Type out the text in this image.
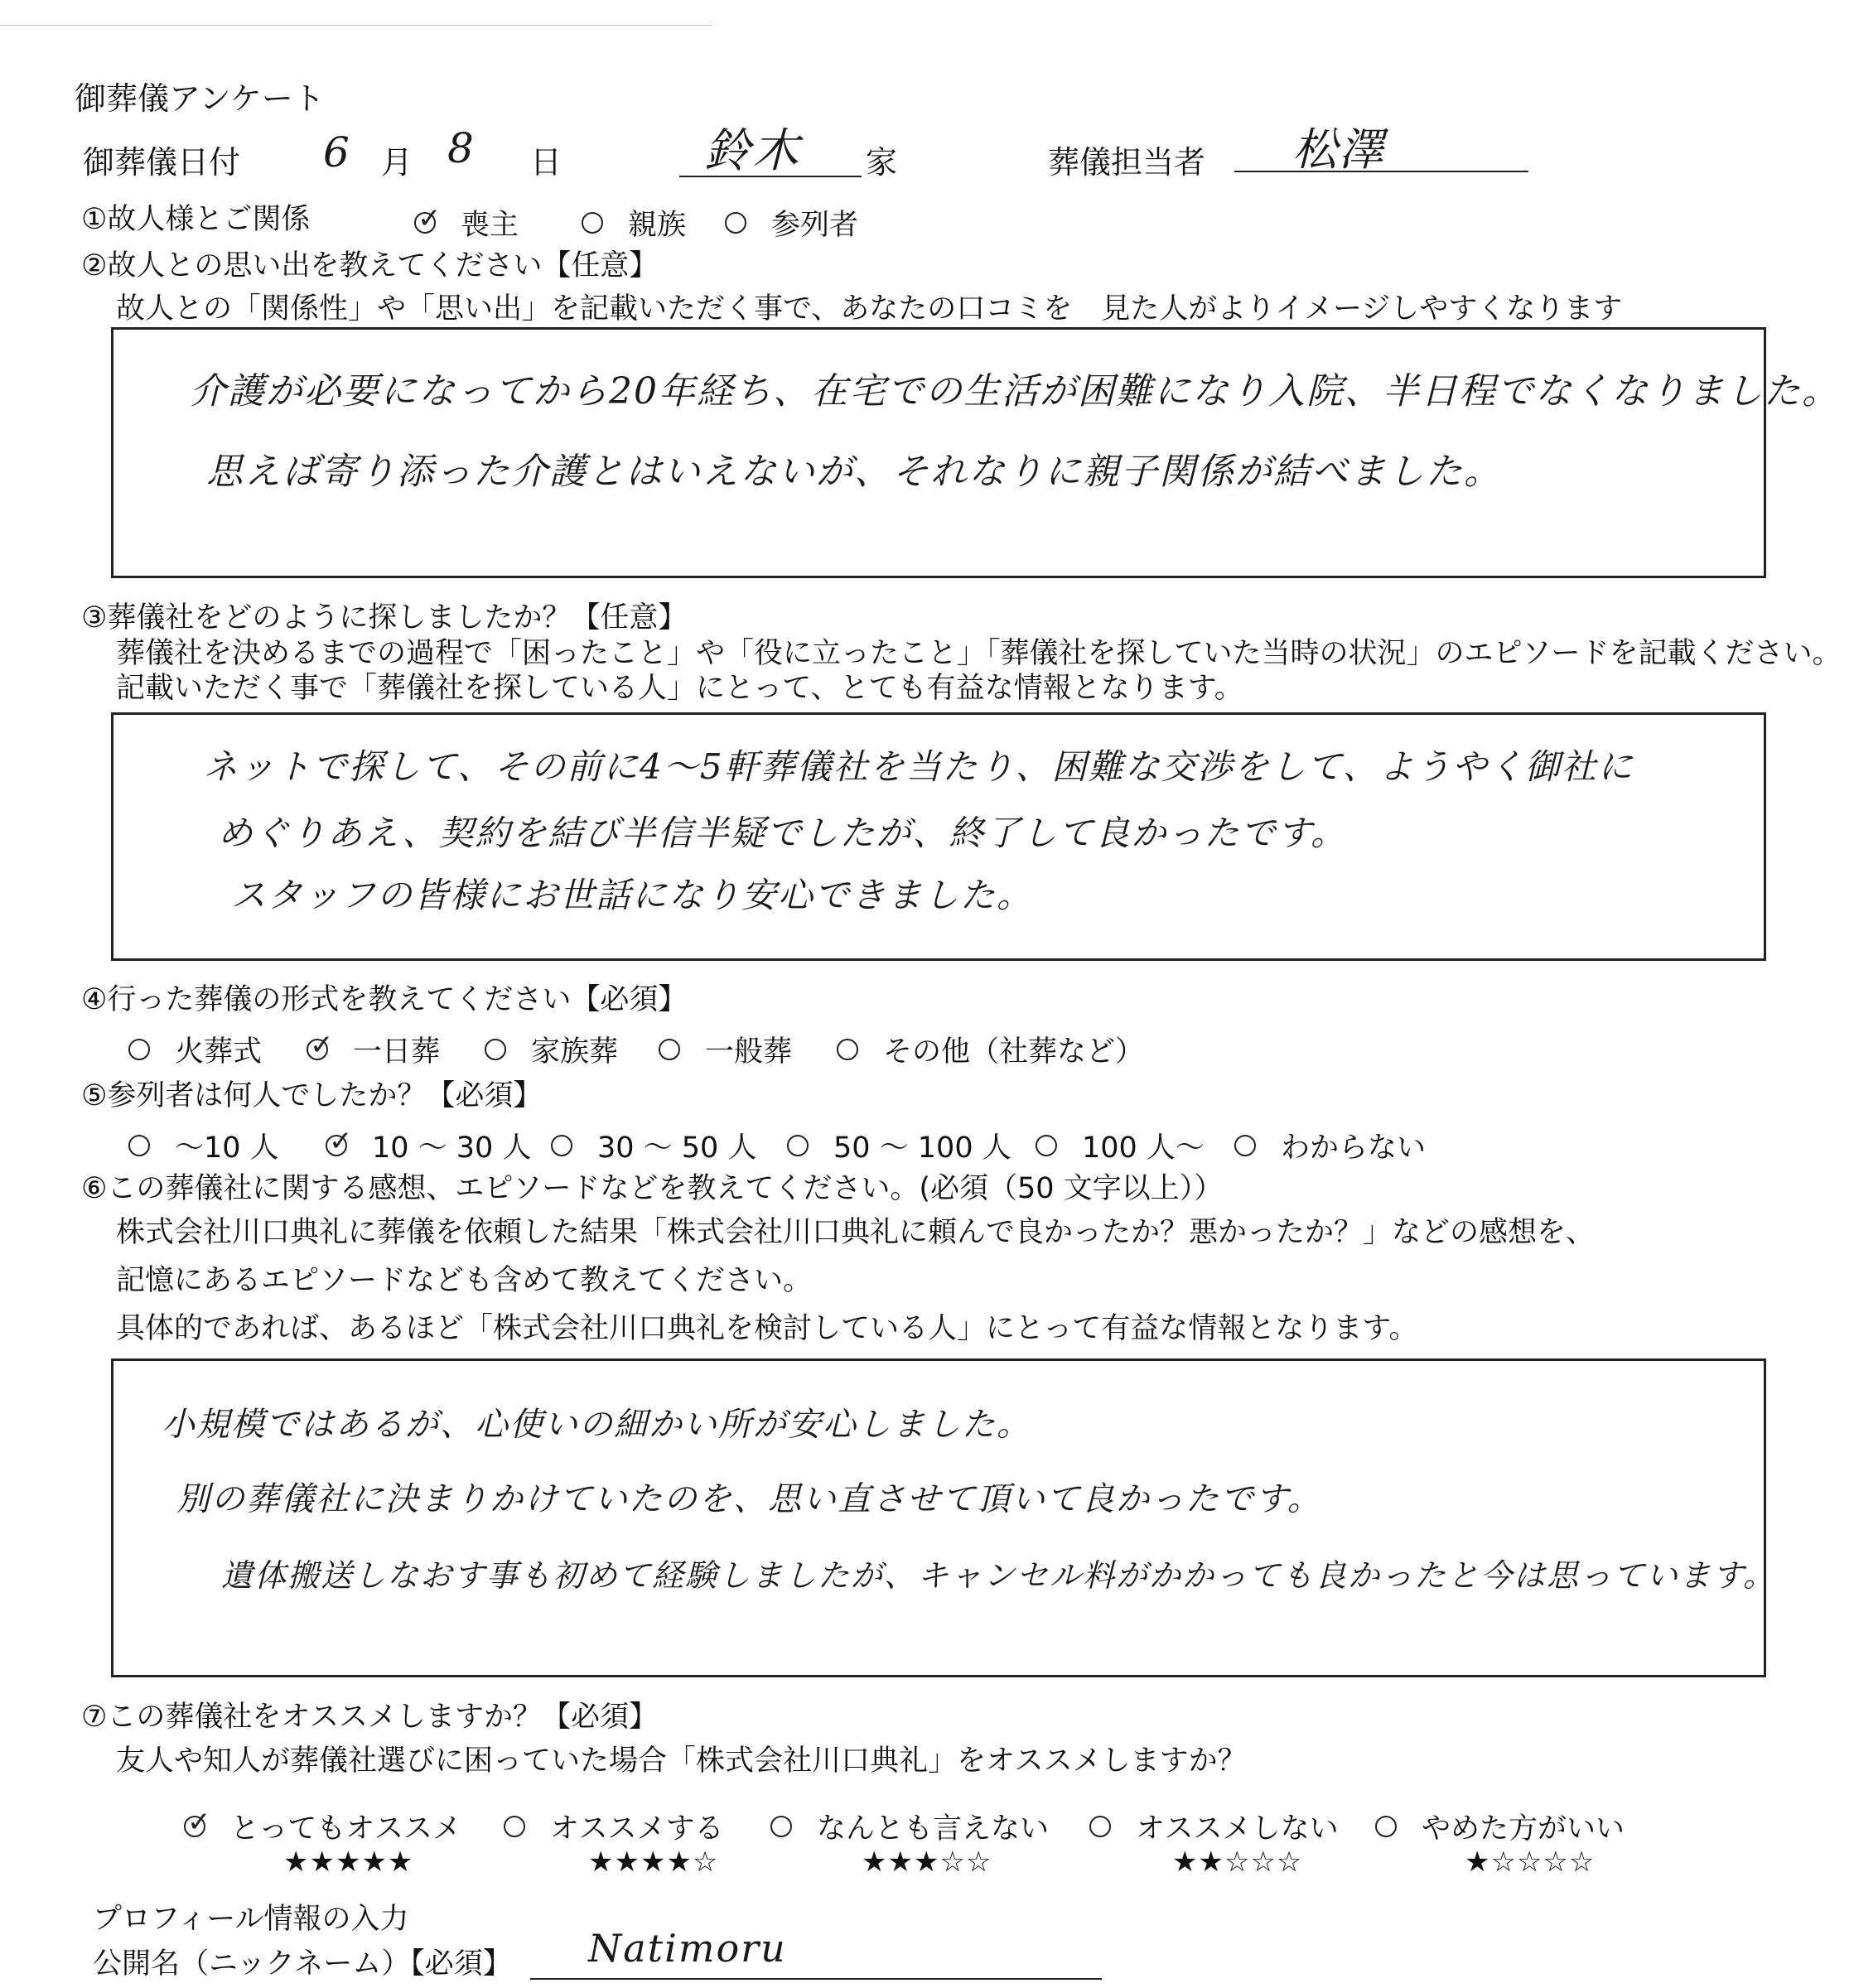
御葬儀アンケート
御葬儀日付 6 月 8 日	鈴木 家	葬儀担当者 松澤
①故人様とご関係 ✓	喪主	親族	参列者
②故人との思い出を教えてください【任意】
故人との「関係性」や「思い出」を記載いただく事で、あなたの口コミを　見た人がよりイメージしやすくなります
介護が必要になってから20年経ち、在宅での生活が困難になり入院、半日程でなくなりました。
思えば寄り添った介護とはいえないが、それなりに親子関係が結べました。
③葬儀社をどのように探しましたか？【任意】
葬儀社を決めるまでの過程で「困ったこと」や「役に立ったこと」「葬儀社を探していた当時の状況」のエピソードを記載ください。
記載いただく事で「葬儀社を探している人」にとって、とても有益な情報となります。
ネットで探して、その前に4〜5軒葬儀社を当たり、困難な交渉をして、ようやく御社に
めぐりあえ、契約を結び半信半疑でしたが、終了して良かったです。
スタッフの皆様にお世話になり安心できました。
④行った葬儀の形式を教えてください【必須】
火葬式 ✓	一日葬	家族葬	一般葬	その他（社葬など）
⑤参列者は何人でしたか？【必須】
〜10 人 ✓	10 〜 30 人 30 〜 50 人	50 〜 100 人 100 人〜	わからない
⑥この葬儀社に関する感想、エピソードなどを教えてください。(必須（50 文字以上））
株式会社川口典礼に葬儀を依頼した結果「株式会社川口典礼に頼んで良かったか？悪かったか？」などの感想を、
記憶にあるエピソードなども含めて教えてください。
具体的であれば、あるほど「株式会社川口典礼を検討している人」にとって有益な情報となります。
小規模ではあるが、心使いの細かい所が安心しました。
別の葬儀社に決まりかけていたのを、思い直させて頂いて良かったです。
遺体搬送しなおす事も初めて経験しましたが、キャンセル料がかかっても良かったと今は思っています。
⑦この葬儀社をオススメしますか？【必須】
友人や知人が葬儀社選びに困っていた場合「株式会社川口典礼」をオススメしますか？
✓
とってもオススメ
★★★★★
オススメする
★★★★☆
なんとも言えない
★★★☆☆
オススメしない
★★☆☆☆
やめた方がいい
★☆☆☆☆
プロフィール情報の入力
公開名（ニックネーム）【必須】 Natimoru
